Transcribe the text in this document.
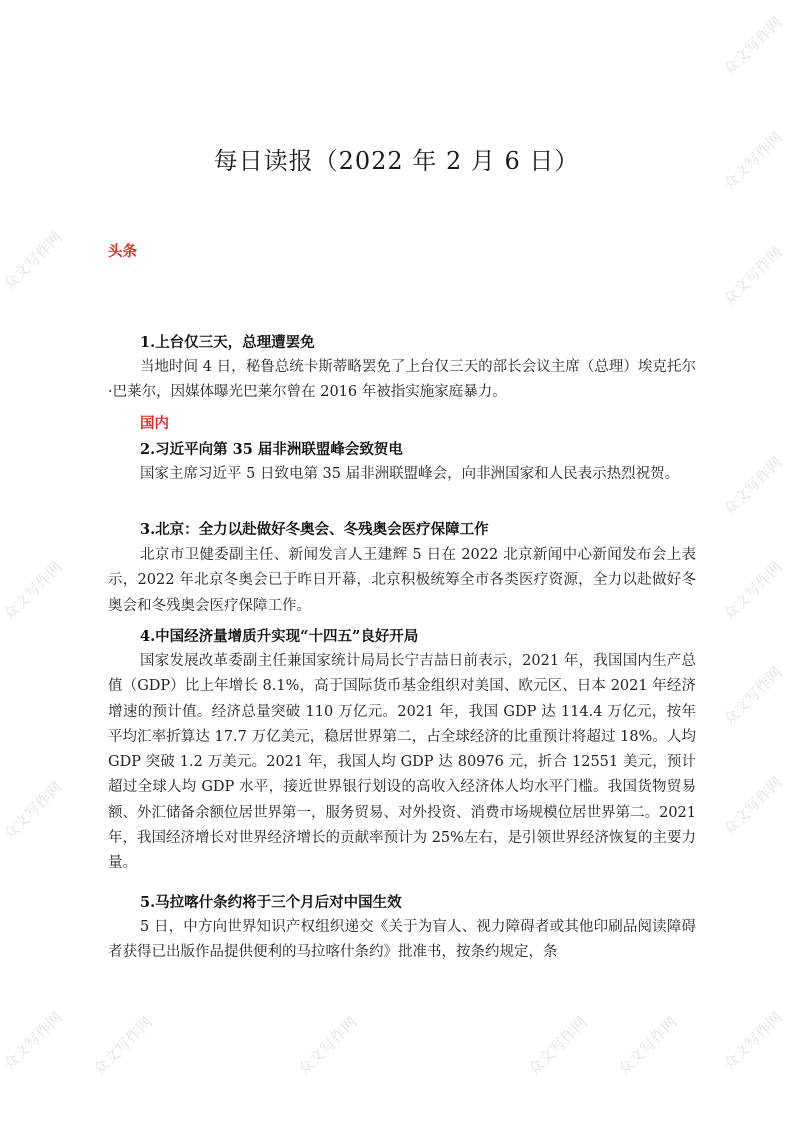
众文写作网
众文写作网
众文写作网
众文写作网
众文写作网
众文写作网
众文写作网
众文写作网
众文写作网
众文写作网
众文写作网
众文写作网 众文写作网	众文写作网	众文写作网 众文写作网
每日读报（2022 年 2 月 6 日）

头条

1.上台仅三天，总理遭罢免

当地时间 4 日，秘鲁总统卡斯蒂略罢免了上台仅三天的部长会议主席（总理）埃克托尔·巴莱尔，因媒体曝光巴莱尔曾在 2016 年被指实施家庭暴力。

国内

2.习近平向第 35 届非洲联盟峰会致贺电

国家主席习近平 5 日致电第 35 届非洲联盟峰会，向非洲国家和人民表示热烈祝贺。

3.北京：全力以赴做好冬奥会、冬残奥会医疗保障工作

北京市卫健委副主任、新闻发言人王建辉 5 日在 2022 北京新闻中心新闻发布会上表示，2022 年北京冬奥会已于昨日开幕，北京积极统筹全市各类医疗资源，全力以赴做好冬奥会和冬残奥会医疗保障工作。

4.中国经济量增质升实现“十四五”良好开局

国家发展改革委副主任兼国家统计局局长宁吉喆日前表示，2021 年，我国国内生产总值（GDP）比上年增长 8.1%，高于国际货币基金组织对美国、欧元区、日本 2021 年经济增速的预计值。经济总量突破 110 万亿元。2021 年，我国 GDP 达 114.4 万亿元，按年平均汇率折算达 17.7 万亿美元，稳居世界第二，占全球经济的比重预计将超过 18%。人均 GDP 突破 1.2 万美元。2021 年，我国人均 GDP 达 80976 元，折合 12551 美元，预计超过全球人均 GDP 水平，接近世界银行划设的高收入经济体人均水平门槛。我国货物贸易额、外汇储备余额位居世界第一，服务贸易、对外投资、消费市场规模位居世界第二。2021 年，我国经济增长对世界经济增长的贡献率预计为 25%左右，是引领世界经济恢复的主要力量。

5.马拉喀什条约将于三个月后对中国生效

5 日，中方向世界知识产权组织递交《关于为盲人、视力障碍者或其他印刷品阅读障碍者获得已出版作品提供便利的马拉喀什条约》批准书，按条约规定，条
